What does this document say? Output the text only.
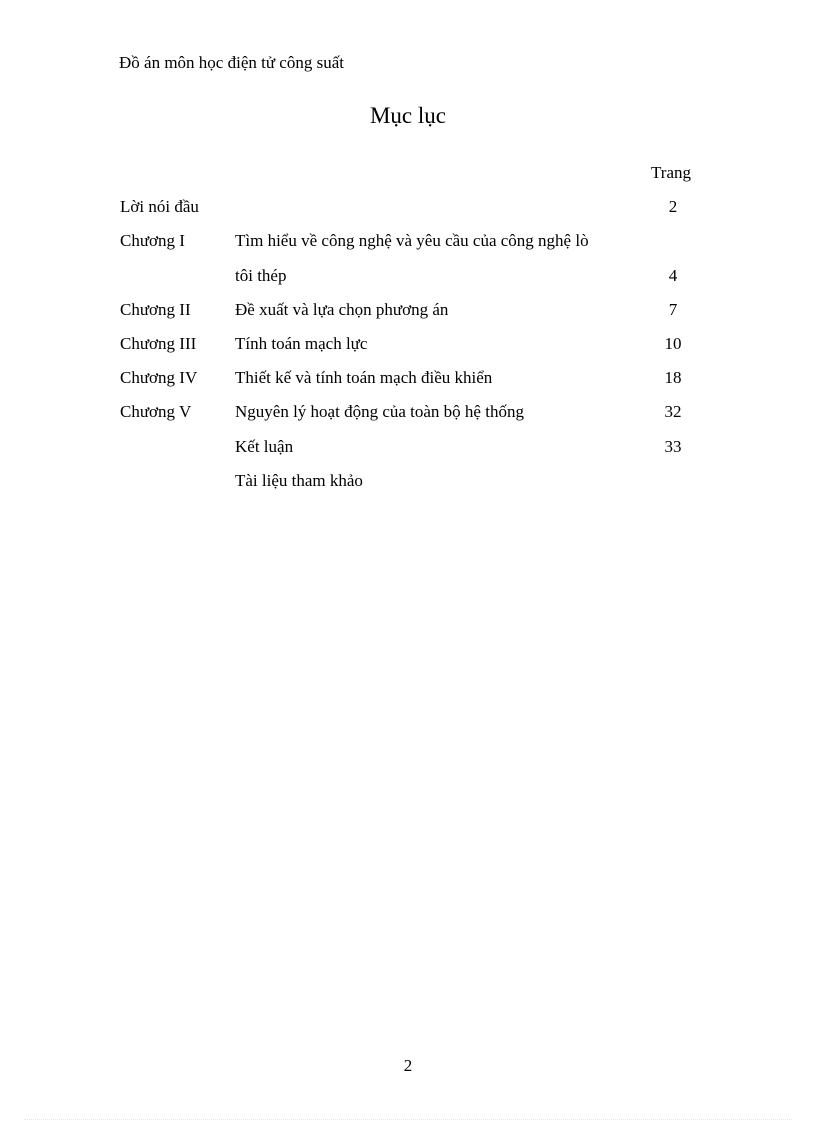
Đồ án môn học điện tử công suất
Mục lục
Trang
Lời nói đầu	2
Chương I	Tìm hiểu về công nghệ và yêu cầu của công nghệ lò
tôi thép	4
Chương II	Đề xuất và lựa chọn phương án	7
Chương III Tính toán mạch lực	10
Chương IV Thiết kế và tính toán mạch điều khiển	18
Chương V	Nguyên lý hoạt động của toàn bộ hệ thống	32
Kết luận	33
Tài liệu tham khảo
2
